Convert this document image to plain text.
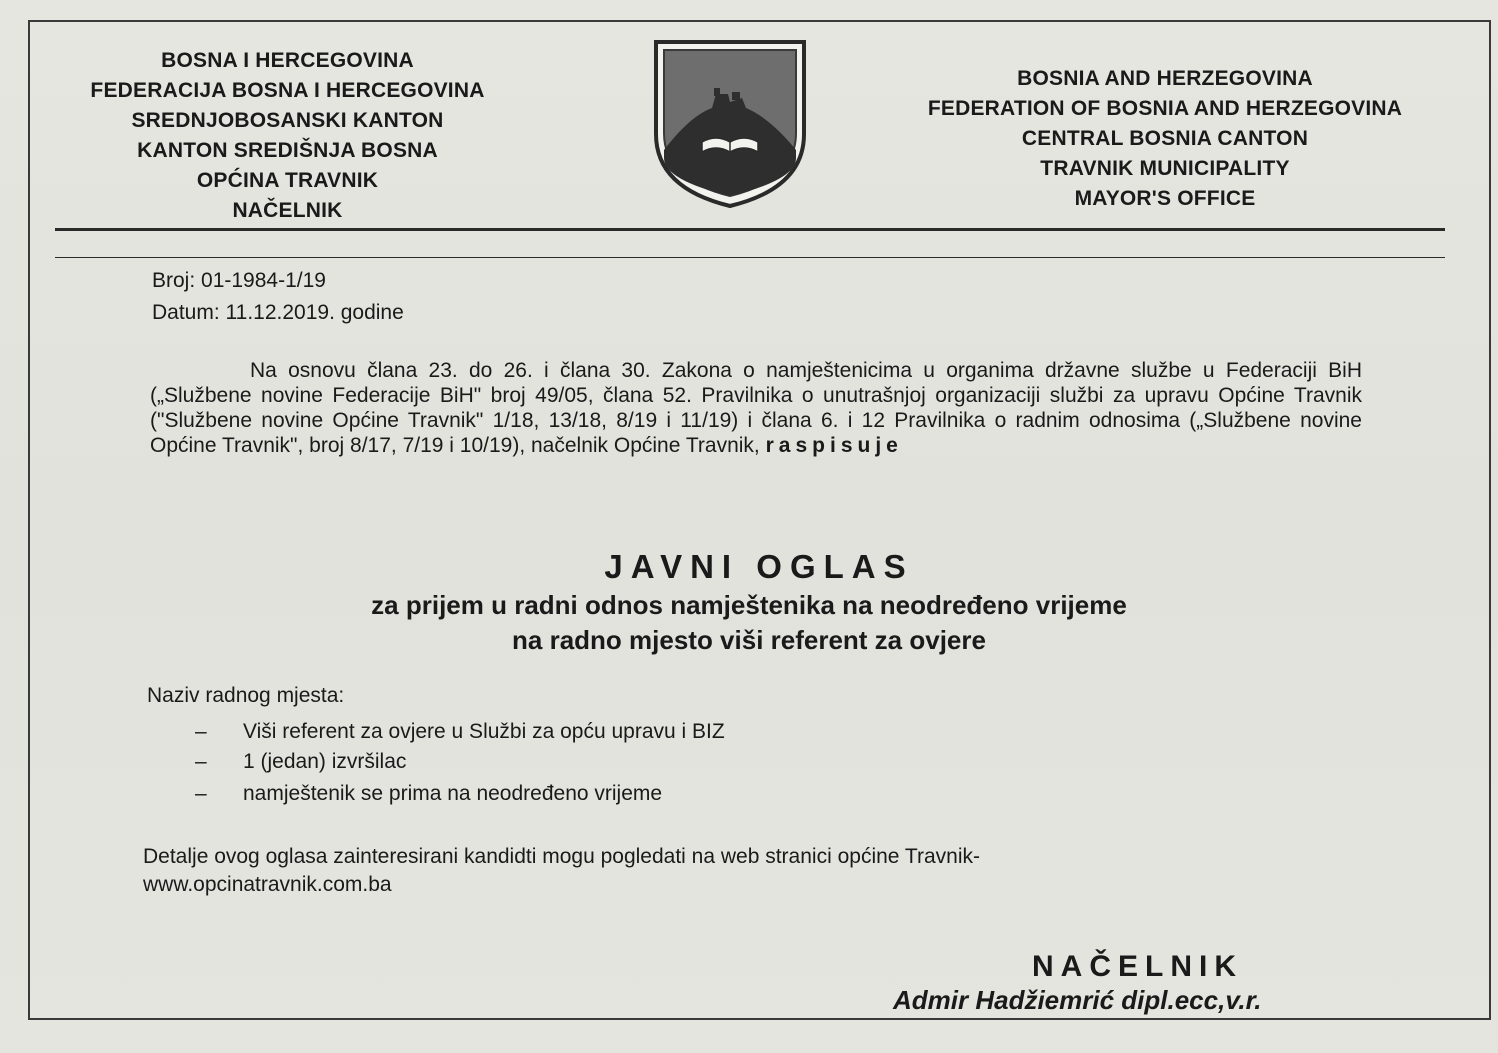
BOSNA I HERCEGOVINA
FEDERACIJA BOSNA I HERCEGOVINA
SREDNJOBOSANSKI KANTON
KANTON SREDIŠNJA BOSNA
OPĆINA TRAVNIK
NAČELNIK
BOSNIA AND HERZEGOVINA
FEDERATION OF BOSNIA AND HERZEGOVINA
CENTRAL BOSNIA CANTON
TRAVNIK MUNICIPALITY
MAYOR'S OFFICE
Broj: 01-1984-1/19
Datum: 11.12.2019. godine
Na osnovu člana 23. do 26. i člana 30. Zakona o namještenicima u organima državne službe u Federaciji BiH („Službene novine Federacije BiH" broj 49/05, člana 52. Pravilnika o unutrašnjoj organizaciji službi za upravu Općine Travnik ("Službene novine Općine Travnik" 1/18, 13/18, 8/19 i 11/19) i člana 6. i 12 Pravilnika o radnim odnosima („Službene novine Općine Travnik", broj 8/17, 7/19 i 10/19), načelnik Općine Travnik, raspisuje
JAVNI OGLAS
za prijem u radni odnos namještenika na neodređeno vrijeme
na radno mjesto viši referent za ovjere
Naziv radnog mjesta:
– Viši referent za ovjere u Službi za opću upravu i BIZ
– 1 (jedan) izvršilac
– namještenik se prima na neodređeno vrijeme
Detalje ovog oglasa zainteresirani kandidti mogu pogledati na web stranici općine Travnik-
www.opcinatravnik.com.ba
NAČELNIK
Admir Hadžiemrić dipl.ecc,v.r.
